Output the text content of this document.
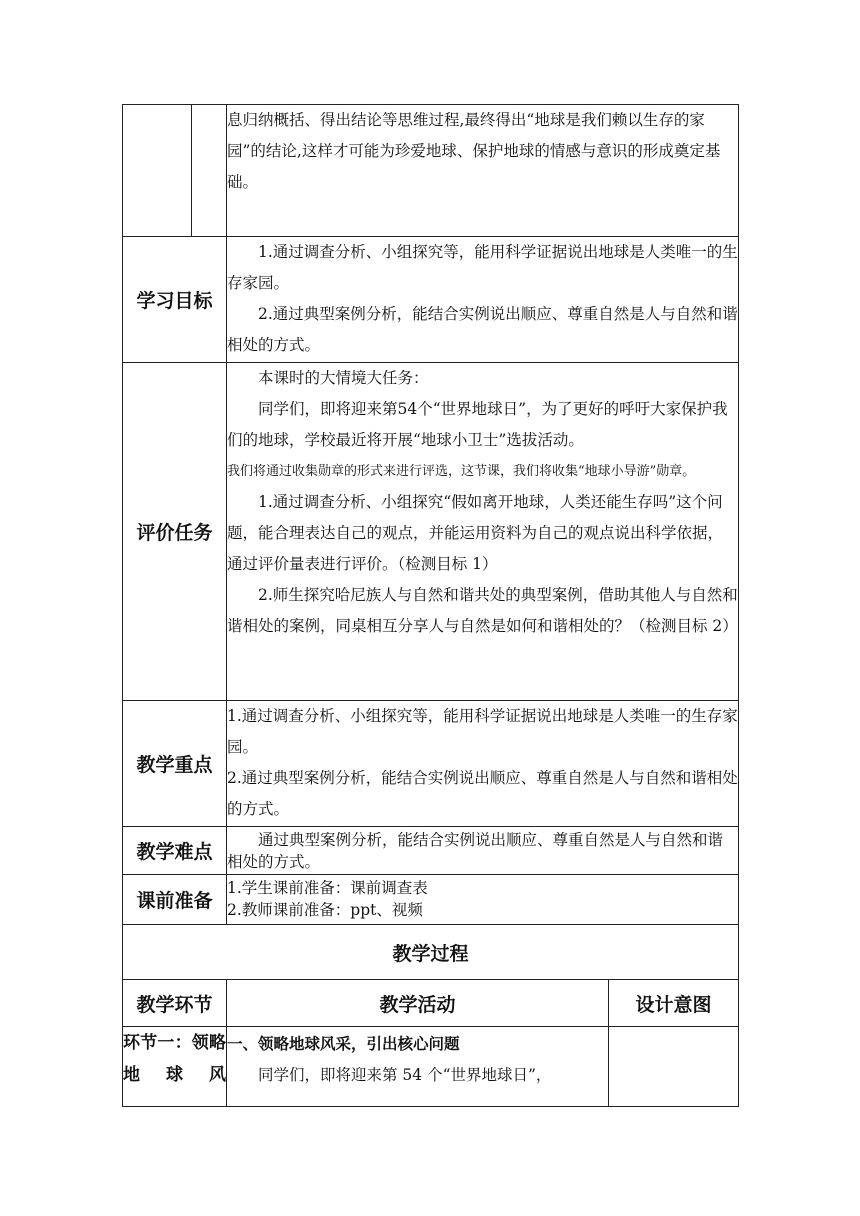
		息归纳概括、得出结论等思维过程,最终得出“地球是我们赖以生存的家园”的结论,这样才可能为珍爱地球、保护地球的情感与意识的形成奠定基础。	

学习目标		1.通过调查分析、小组探究等，能用科学证据说出地球是人类唯一的生存家园。

2.通过典型案例分析，能结合实例说出顺应、尊重自然是人与自然和谐相处的方式。	

评价任务		本课时的大情境大任务：

同学们，即将迎来第54个“世界地球日”，为了更好的呼吁大家保护我们的地球，学校最近将开展“地球小卫士”选拔活动。

我们将通过收集勋章的形式来进行评选，这节课，我们将收集“地球小导游”勋章。

1.通过调查分析、小组探究“假如离开地球，人类还能生存吗”这个问题，能合理表达自己的观点，并能运用资料为自己的观点说出科学依据，通过评价量表进行评价。（检测目标 1）

2.师生探究哈尼族人与自然和谐共处的典型案例，借助其他人与自然和谐相处的案例，同桌相互分享人与自然是如何和谐相处的？（检测目标 2）	

教学重点		1.通过调查分析、小组探究等，能用科学证据说出地球是人类唯一的生存家园。

2.通过典型案例分析，能结合实例说出顺应、尊重自然是人与自然和谐相处的方式。	

教学难点		通过典型案例分析，能结合实例说出顺应、尊重自然是人与自然和谐相处的方式。	

课前准备		1.学生课前准备：课前调查表

2.教师课前准备：ppt、视频	

教学过程			
教学环节		教学活动	设计意图
环节一：领略地球风		一、领略地球风采，引出核心问题

同学们，即将迎来第 54 个“世界地球日”，	
